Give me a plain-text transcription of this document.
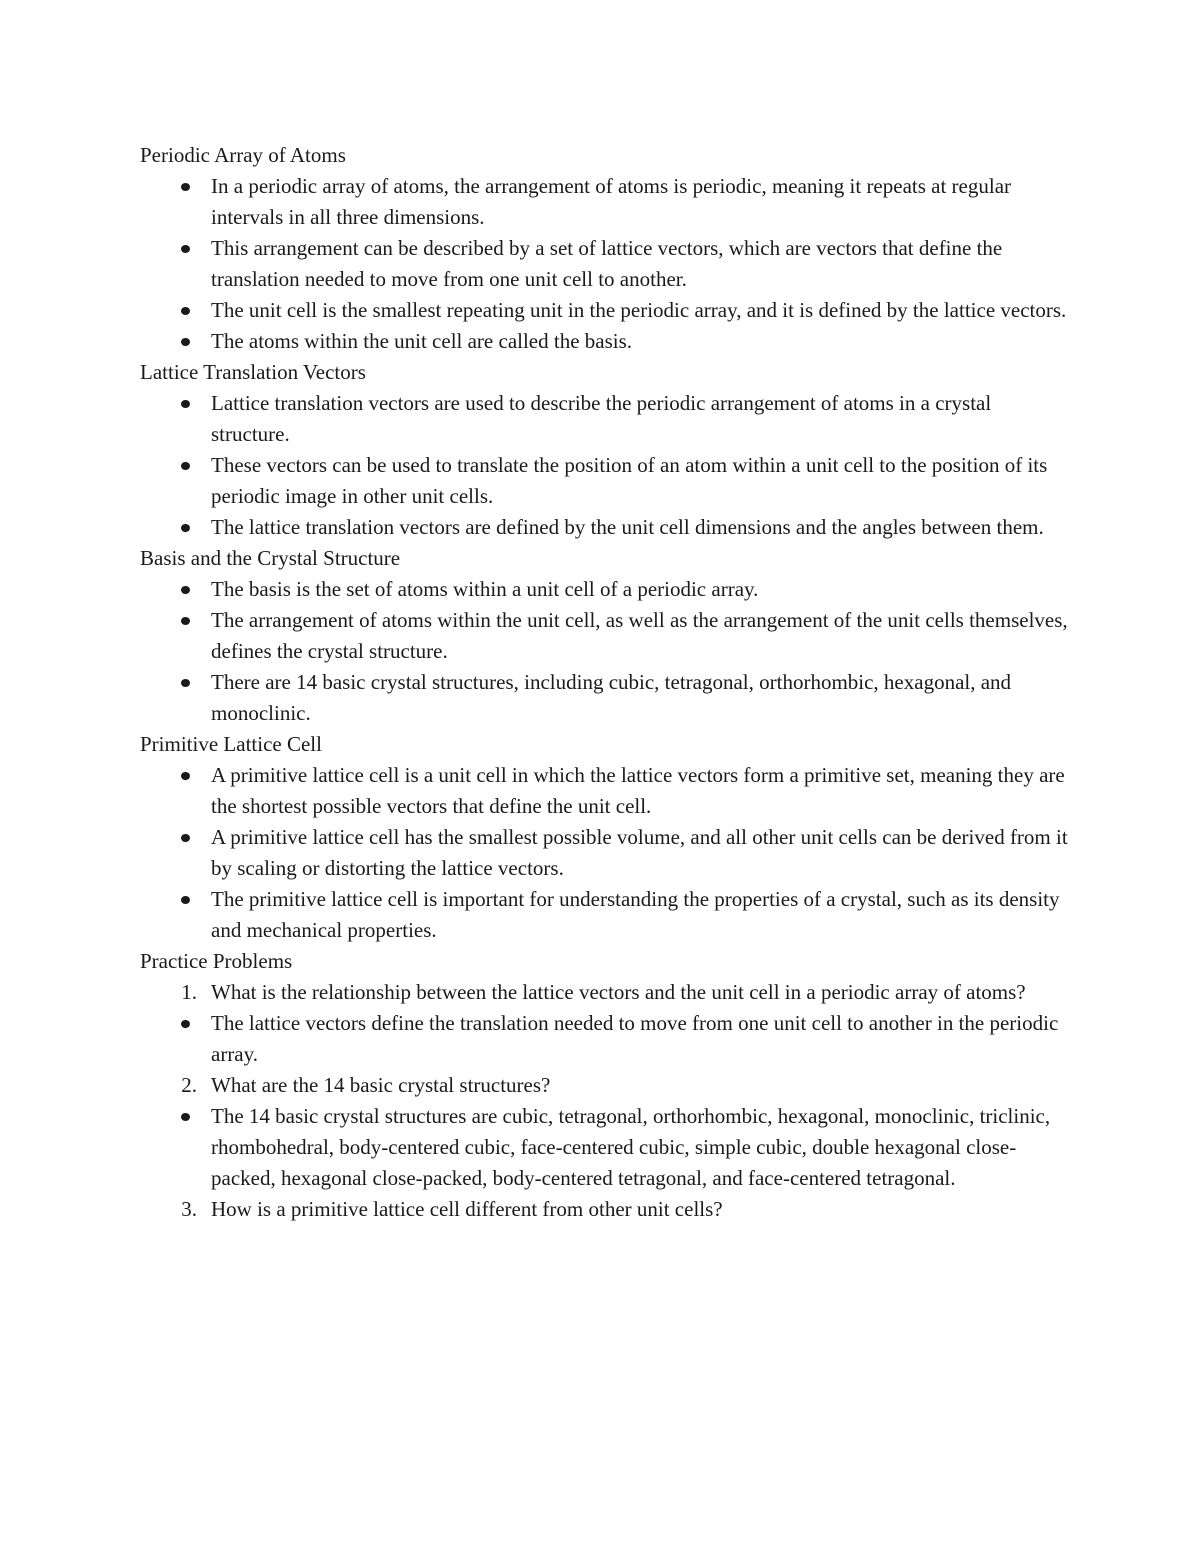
Periodic Array of Atoms

In a periodic array of atoms, the arrangement of atoms is periodic, meaning it repeats at regular intervals in all three dimensions.
This arrangement can be described by a set of lattice vectors, which are vectors that define the translation needed to move from one unit cell to another.
The unit cell is the smallest repeating unit in the periodic array, and it is defined by the lattice vectors.
The atoms within the unit cell are called the basis.

Lattice Translation Vectors

Lattice translation vectors are used to describe the periodic arrangement of atoms in a crystal structure.
These vectors can be used to translate the position of an atom within a unit cell to the position of its periodic image in other unit cells.
The lattice translation vectors are defined by the unit cell dimensions and the angles between them.

Basis and the Crystal Structure

The basis is the set of atoms within a unit cell of a periodic array.
The arrangement of atoms within the unit cell, as well as the arrangement of the unit cells themselves, defines the crystal structure.
There are 14 basic crystal structures, including cubic, tetragonal, orthorhombic, hexagonal, and monoclinic.

Primitive Lattice Cell

A primitive lattice cell is a unit cell in which the lattice vectors form a primitive set, meaning they are the shortest possible vectors that define the unit cell.
A primitive lattice cell has the smallest possible volume, and all other unit cells can be derived from it by scaling or distorting the lattice vectors.
The primitive lattice cell is important for understanding the properties of a crystal, such as its density and mechanical properties.

Practice Problems

1. What is the relationship between the lattice vectors and the unit cell in a periodic array of atoms?
The lattice vectors define the translation needed to move from one unit cell to another in the periodic array.
2. What are the 14 basic crystal structures?
The 14 basic crystal structures are cubic, tetragonal, orthorhombic, hexagonal, monoclinic, triclinic, rhombohedral, body-centered cubic, face-centered cubic, simple cubic, double hexagonal close-packed, hexagonal close-packed, body-centered tetragonal, and face-centered tetragonal.
3. How is a primitive lattice cell different from other unit cells?
